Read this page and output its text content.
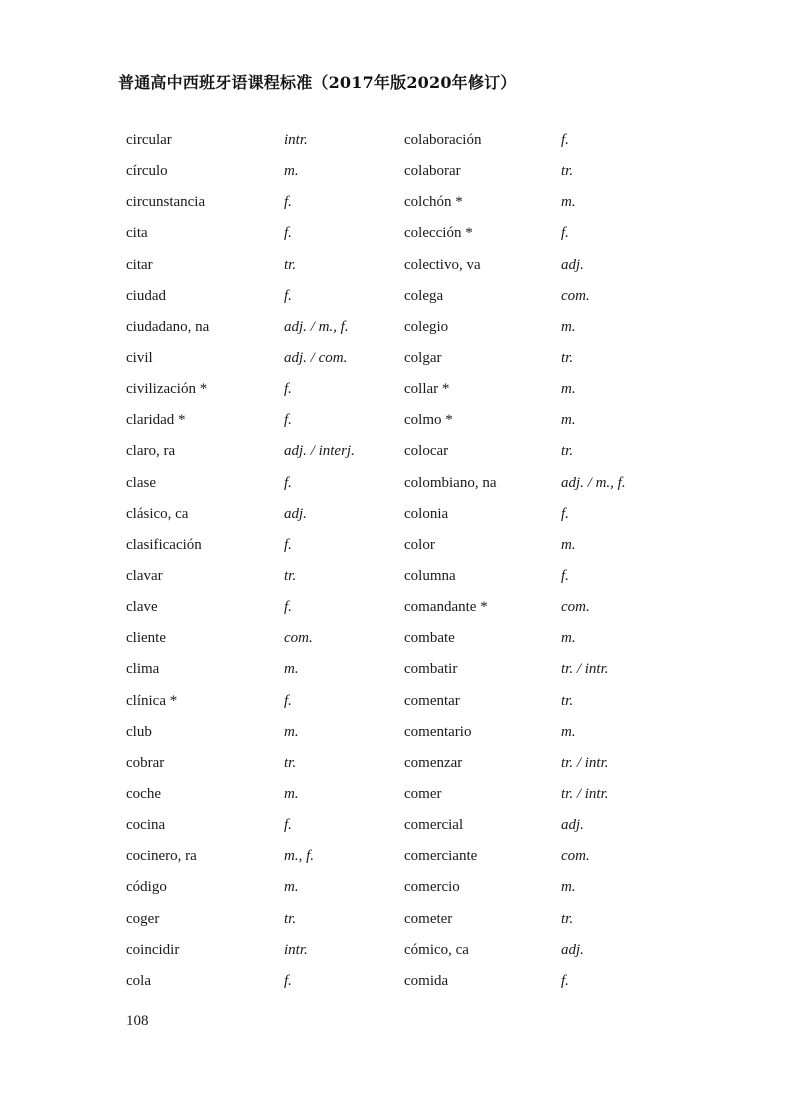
普通高中西班牙语课程标准（2017年版2020年修订）
circular	intr.	colaboración	f.
círculo	m.	colaborar	tr.
circunstancia	f.	colchón *	m.
cita	f.	colección *	f.
citar	tr.	colectivo, va	adj.
ciudad	f.	colega	com.
ciudadano, na	adj. / m., f.	colegio	m.
civil	adj. / com.	colgar	tr.
civilización *	f.	collar *	m.
claridad *	f.	colmo *	m.
claro, ra	adj. / interj.	colocar	tr.
clase	f.	colombiano, na	adj. / m., f.
clásico, ca	adj.	colonia	f.
clasificación	f.	color	m.
clavar	tr.	columna	f.
clave	f.	comandante *	com.
cliente	com.	combate	m.
clima	m.	combatir	tr. / intr.
clínica *	f.	comentar	tr.
club	m.	comentario	m.
cobrar	tr.	comenzar	tr. / intr.
coche	m.	comer	tr. / intr.
cocina	f.	comercial	adj.
cocinero, ra	m., f.	comerciante	com.
código	m.	comercio	m.
coger	tr.	cometer	tr.
coincidir	intr.	cómico, ca	adj.
cola	f.	comida	f.
108
